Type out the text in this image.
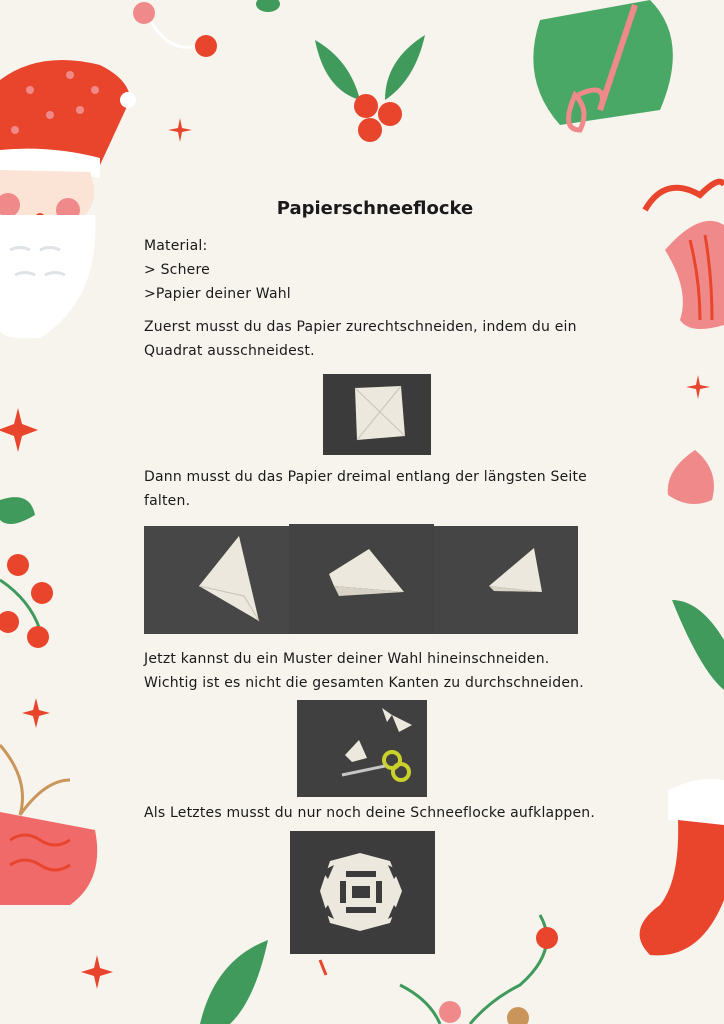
Papierschneeflocke
Material:
> Schere
>Papier deiner Wahl
Zuerst musst du das Papier zurechtschneiden, indem du ein
Quadrat ausschneidest.
Dann musst du das Papier dreimal entlang der längsten Seite
falten.
Jetzt kannst du ein Muster deiner Wahl hineinschneiden.
Wichtig ist es nicht die gesamten Kanten zu durchschneiden.
Als Letztes musst du nur noch deine Schneeflocke aufklappen.
